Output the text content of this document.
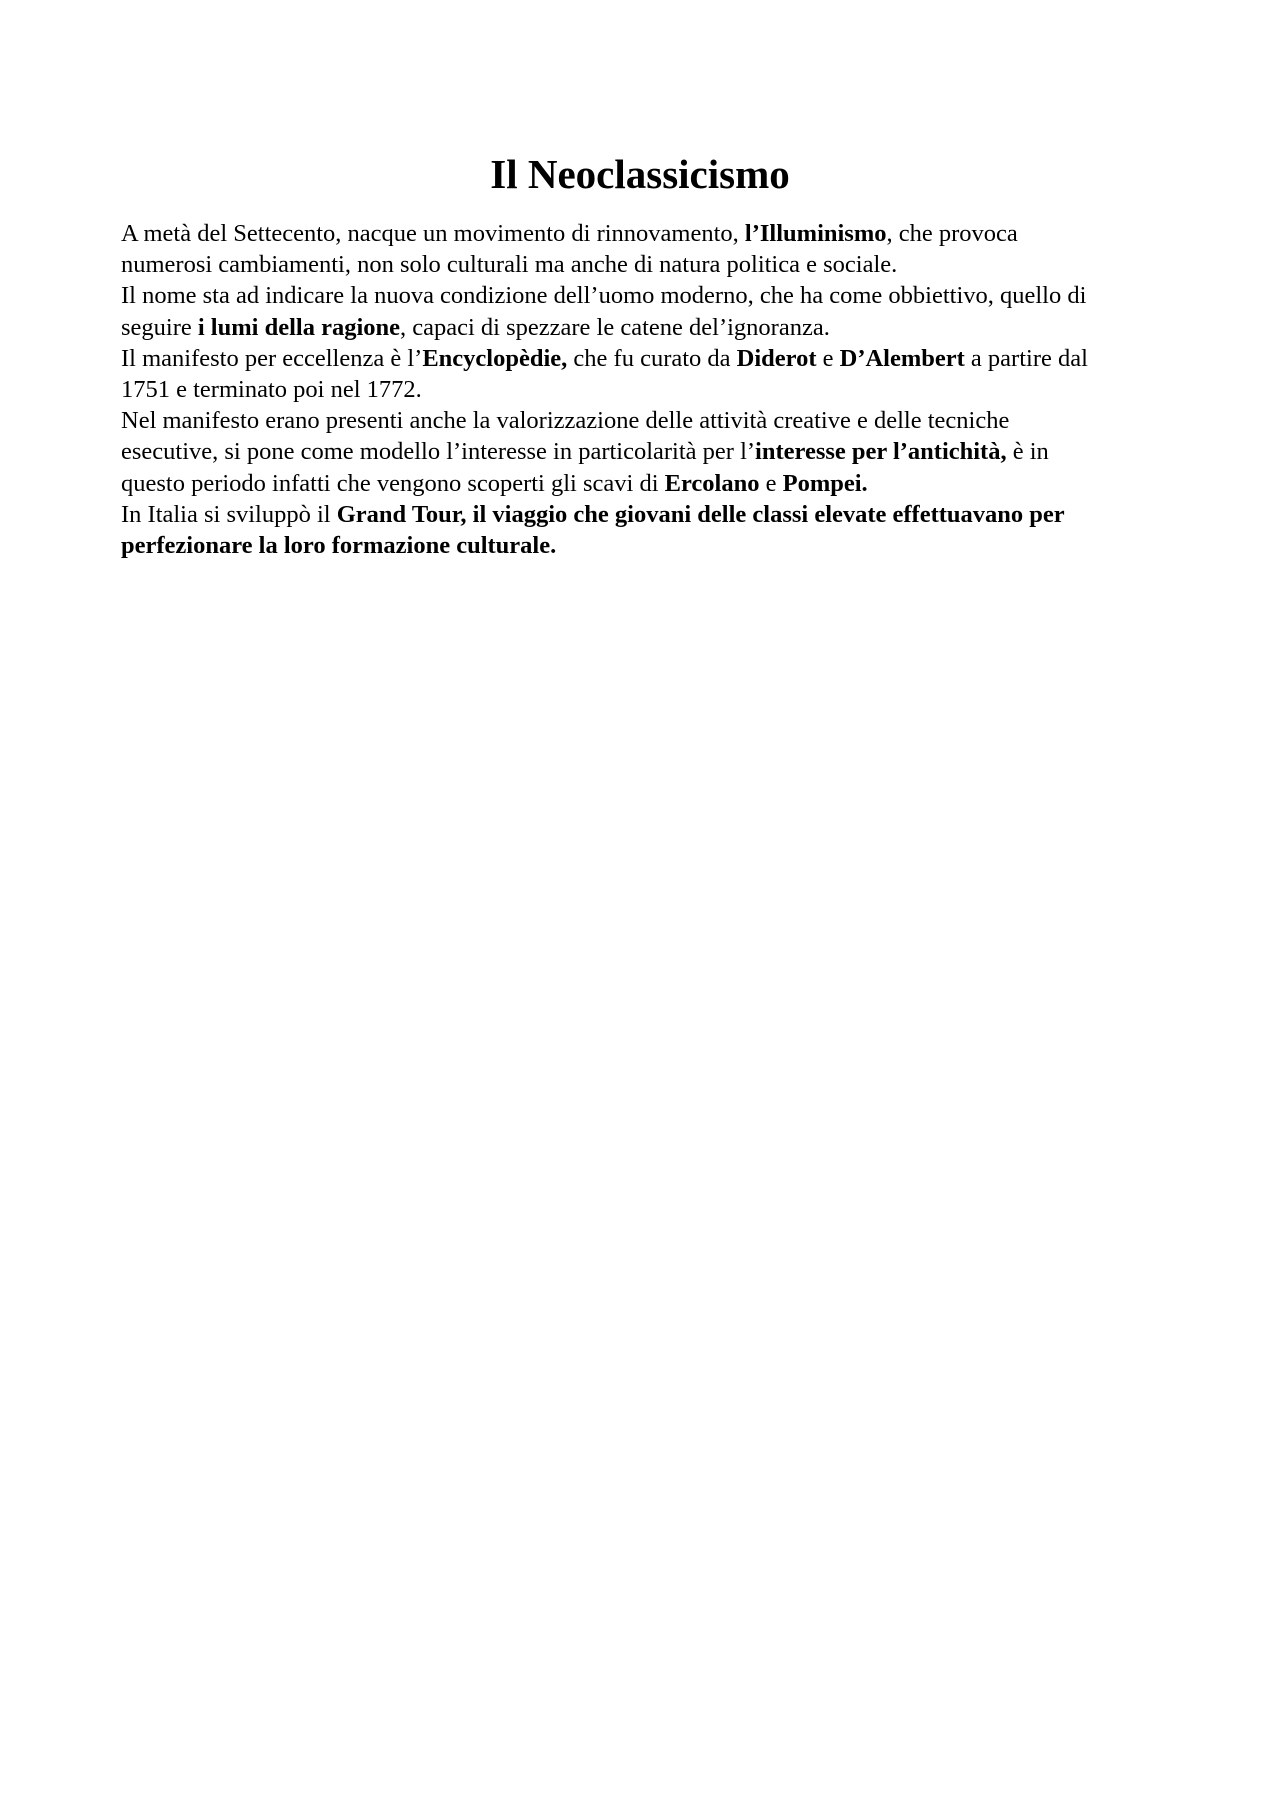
Il Neoclassicismo
A metà del Settecento, nacque un movimento di rinnovamento, l’Illuminismo, che provoca
numerosi cambiamenti, non solo culturali ma anche di natura politica e sociale.
Il nome sta ad indicare la nuova condizione dell’uomo moderno, che ha come obbiettivo, quello di
seguire i lumi della ragione, capaci di spezzare le catene del’ignoranza.
Il manifesto per eccellenza è l’Encyclopèdie, che fu curato da Diderot e D’Alembert a partire dal
1751 e terminato poi nel 1772.
Nel manifesto erano presenti anche la valorizzazione delle attività creative e delle tecniche
esecutive, si pone come modello l’interesse in particolarità per l’interesse per l’antichità, è in
questo periodo infatti che vengono scoperti gli scavi di Ercolano e Pompei.
In Italia si sviluppò il Grand Tour, il viaggio che giovani delle classi elevate effettuavano per
perfezionare la loro formazione culturale.
